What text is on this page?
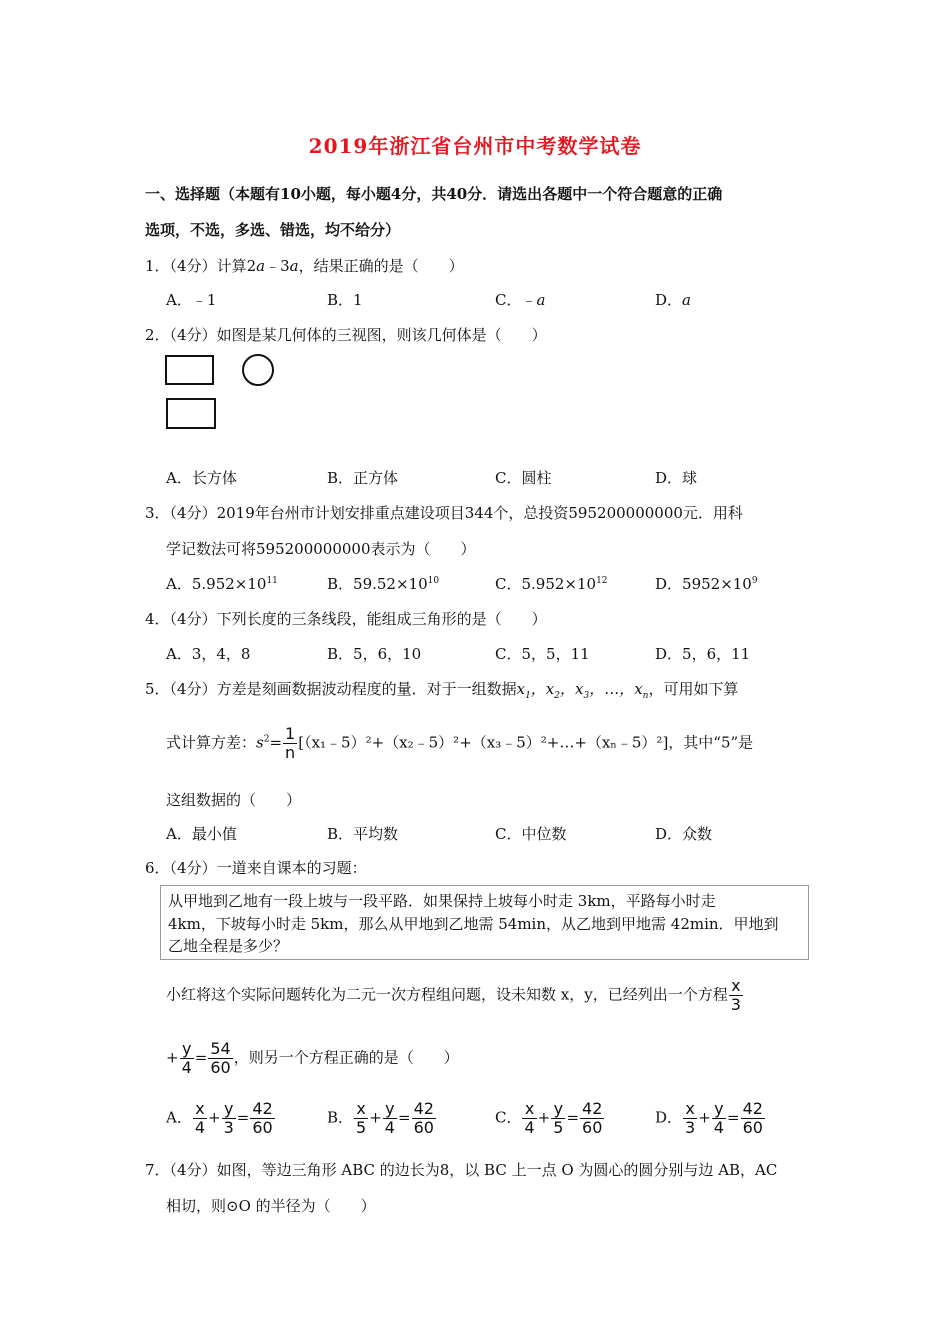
2019年浙江省台州市中考数学试卷
一、选择题（本题有10小题，每小题4分，共40分．请选出各题中一个符合题意的正确
选项，不选，多选、错选，均不给分）
1．（4分）计算2a﹣3a，结果正确的是（　　）
A．﹣1	B．1	C．﹣a	D．a
2．（4分）如图是某几何体的三视图，则该几何体是（　　）
A．长方体	B．正方体	C．圆柱	D．球
3．（4分）2019年台州市计划安排重点建设项目344个，总投资595200000000元．用科
学记数法可将595200000000表示为（　　）
A．$5.952\times 10^{11}$	B．$59.52\times 10^{10}$	C．$5.952\times 10^{12}$	D．$5952\times 10^9$
4．（4分）下列长度的三条线段，能组成三角形的是（　　）
A．3，4，8	B．5，6，10	C．5，5，11	D．5，6，11
5．（4分）方差是刻画数据波动程度的量．对于一组数据$x_1$，$x_2$，$x_3$，…，$x_n$，可用如下算
式计算方差：$s^2= \frac{1}{n}$ [（x₁﹣5）²+（x₂﹣5）²+（x₃﹣5）²+…+（xₙ﹣5）²]，其中“5”是
这组数据的（　　）
A．最小值	B．平均数	C．中位数	D．众数
6．（4分）一道来自课本的习题：
从甲地到乙地有一段上坡与一段平路．如果保持上坡每小时走 3km，平路每小时走
4km，下坡每小时走 5km，那么从甲地到乙地需 54min，从乙地到甲地需 42min．甲地到
乙地全程是多少？
小红将这个实际问题转化为二元一次方程组问题，设未知数 x，y，已经列出一个方程 $\frac{x}{3}$
+ $\frac{y}{4} = \frac{54}{60}$ ，则另一个方程正确的是（　　）
A． $\frac{x}{4} + \frac{y}{3} = \frac{42}{60}$	B． $\frac{x}{5} + \frac{y}{4} = \frac{42}{60}$	C． $\frac{x}{4} + \frac{y}{5} = \frac{42}{60}$	D． $\frac{x}{3} + \frac{y}{4} = \frac{42}{60}$
7．（4分）如图，等边三角形 ABC 的边长为8，以 BC 上一点 O 为圆心的圆分别与边 AB，AC
相切，则⊙O 的半径为（　　）
